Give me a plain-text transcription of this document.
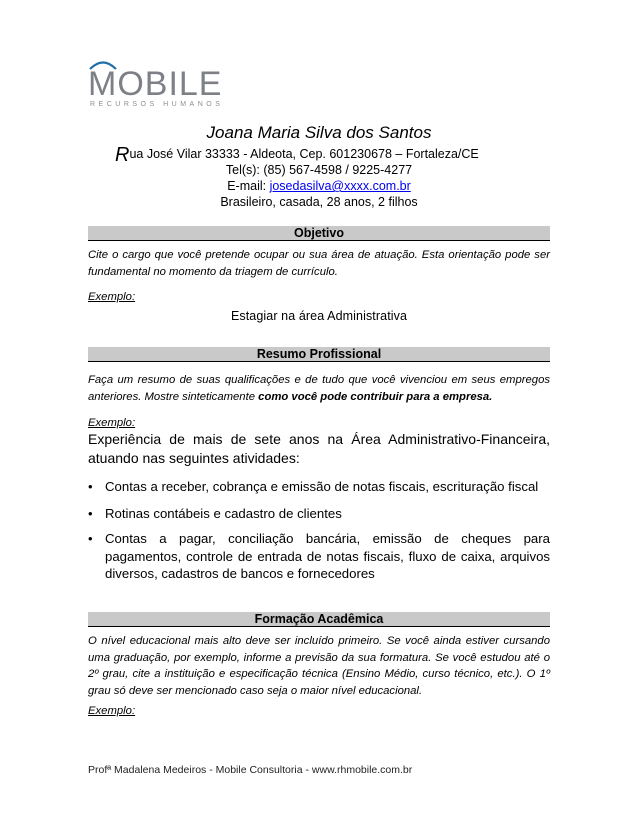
MOBILE
RECURSOS HUMANOS
Joana Maria Silva dos Santos
Rua José Vilar 33333 - Aldeota, Cep. 601230678 – Fortaleza/CE
Tel(s): (85) 567-4598 / 9225-4277
E-mail: josedasilva@xxxx.com.br
Brasileiro, casada, 28 anos, 2 filhos
Objetivo
Cite o cargo que você pretende ocupar ou sua área de atuação. Esta orientação pode ser fundamental no momento da triagem de currículo.
Exemplo:
Estagiar na área Administrativa
Resumo Profissional
Faça um resumo de suas qualificações e de tudo que você vivenciou em seus empregos anteriores. Mostre sinteticamente como você pode contribuir para a empresa.
Exemplo:
Experiência de mais de sete anos na Área Administrativo-Financeira, atuando nas seguintes atividades:
• Contas a receber, cobrança e emissão de notas fiscais, escrituração fiscal
• Rotinas contábeis e cadastro de clientes
• Contas a pagar, conciliação bancária, emissão de cheques para pagamentos, controle de entrada de notas fiscais, fluxo de caixa, arquivos diversos, cadastros de bancos e fornecedores
Formação Acadêmica
O nível educacional mais alto deve ser incluído primeiro. Se você ainda estiver cursando uma graduação, por exemplo, informe a previsão da sua formatura. Se você estudou até o 2º grau, cite a instituição e especificação técnica (Ensino Médio, curso técnico, etc.). O 1º grau só deve ser mencionado caso seja o maior nível educacional.
Exemplo:
Profª Madalena Medeiros - Mobile Consultoria - www.rhmobile.com.br
